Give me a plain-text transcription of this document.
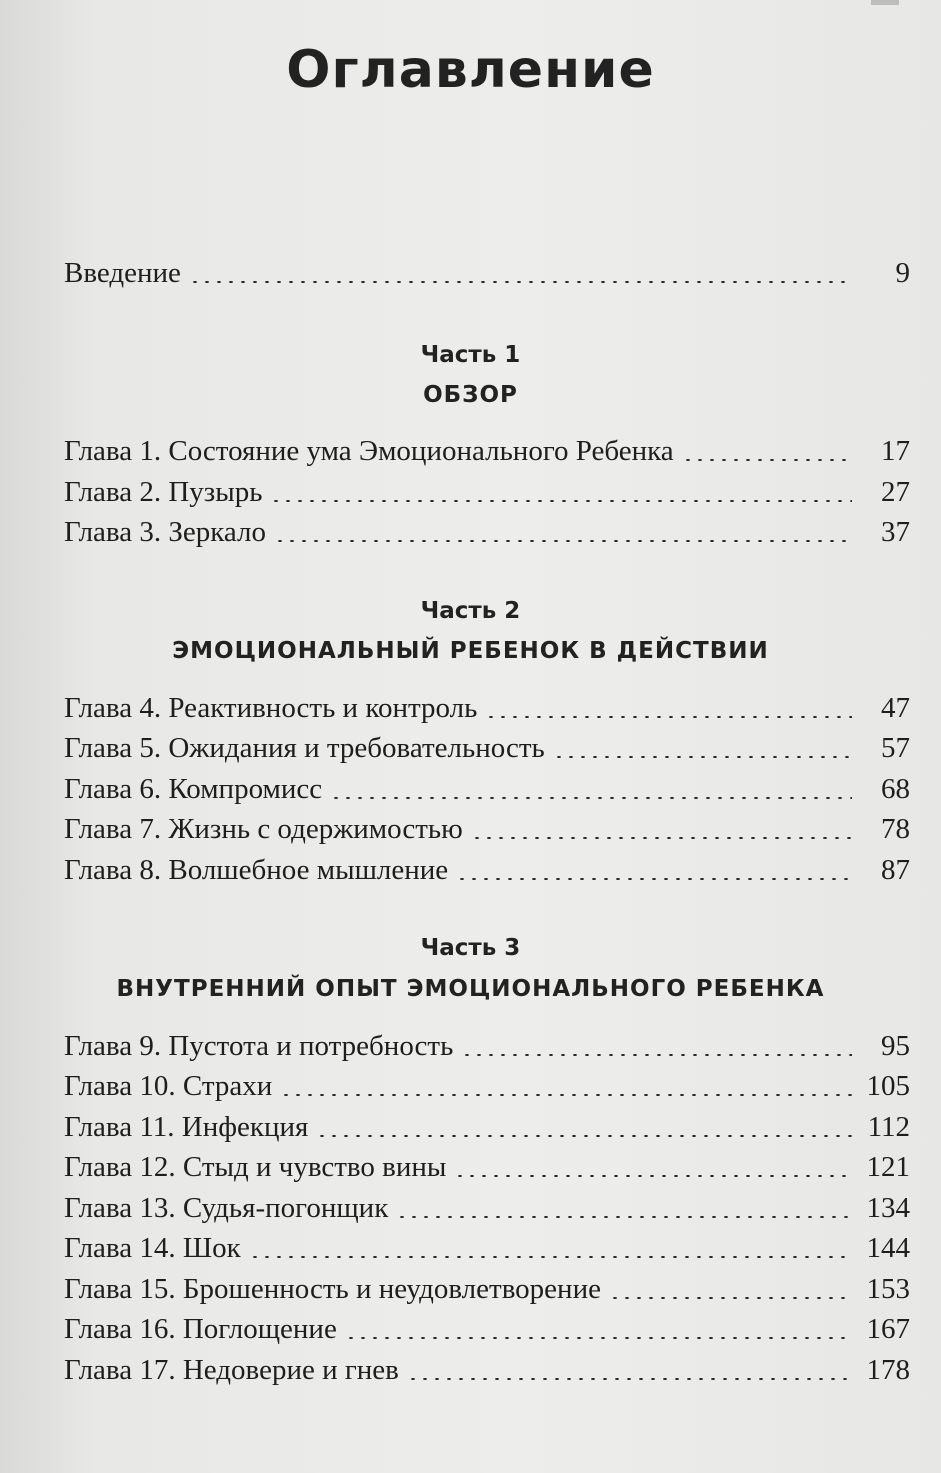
Оглавление
Введение	9
Часть 1
ОБЗОР
Глава 1. Состояние ума Эмоционального Ребенка	17
Глава 2. Пузырь	27
Глава 3. Зеркало	37
Часть 2
ЭМОЦИОНАЛЬНЫЙ РЕБЕНОК В ДЕЙСТВИИ
Глава 4. Реактивность и контроль	47
Глава 5. Ожидания и требовательность	57
Глава 6. Компромисс	68
Глава 7. Жизнь с одержимостью	78
Глава 8. Волшебное мышление	87
Часть 3
ВНУТРЕННИЙ ОПЫТ ЭМОЦИОНАЛЬНОГО РЕБЕНКА
Глава 9. Пустота и потребность	95
Глава 10. Страхи	105
Глава 11. Инфекция	112
Глава 12. Стыд и чувство вины	121
Глава 13. Судья-погонщик	134
Глава 14. Шок	144
Глава 15. Брошенность и неудовлетворение	153
Глава 16. Поглощение	167
Глава 17. Недоверие и гнев	178
